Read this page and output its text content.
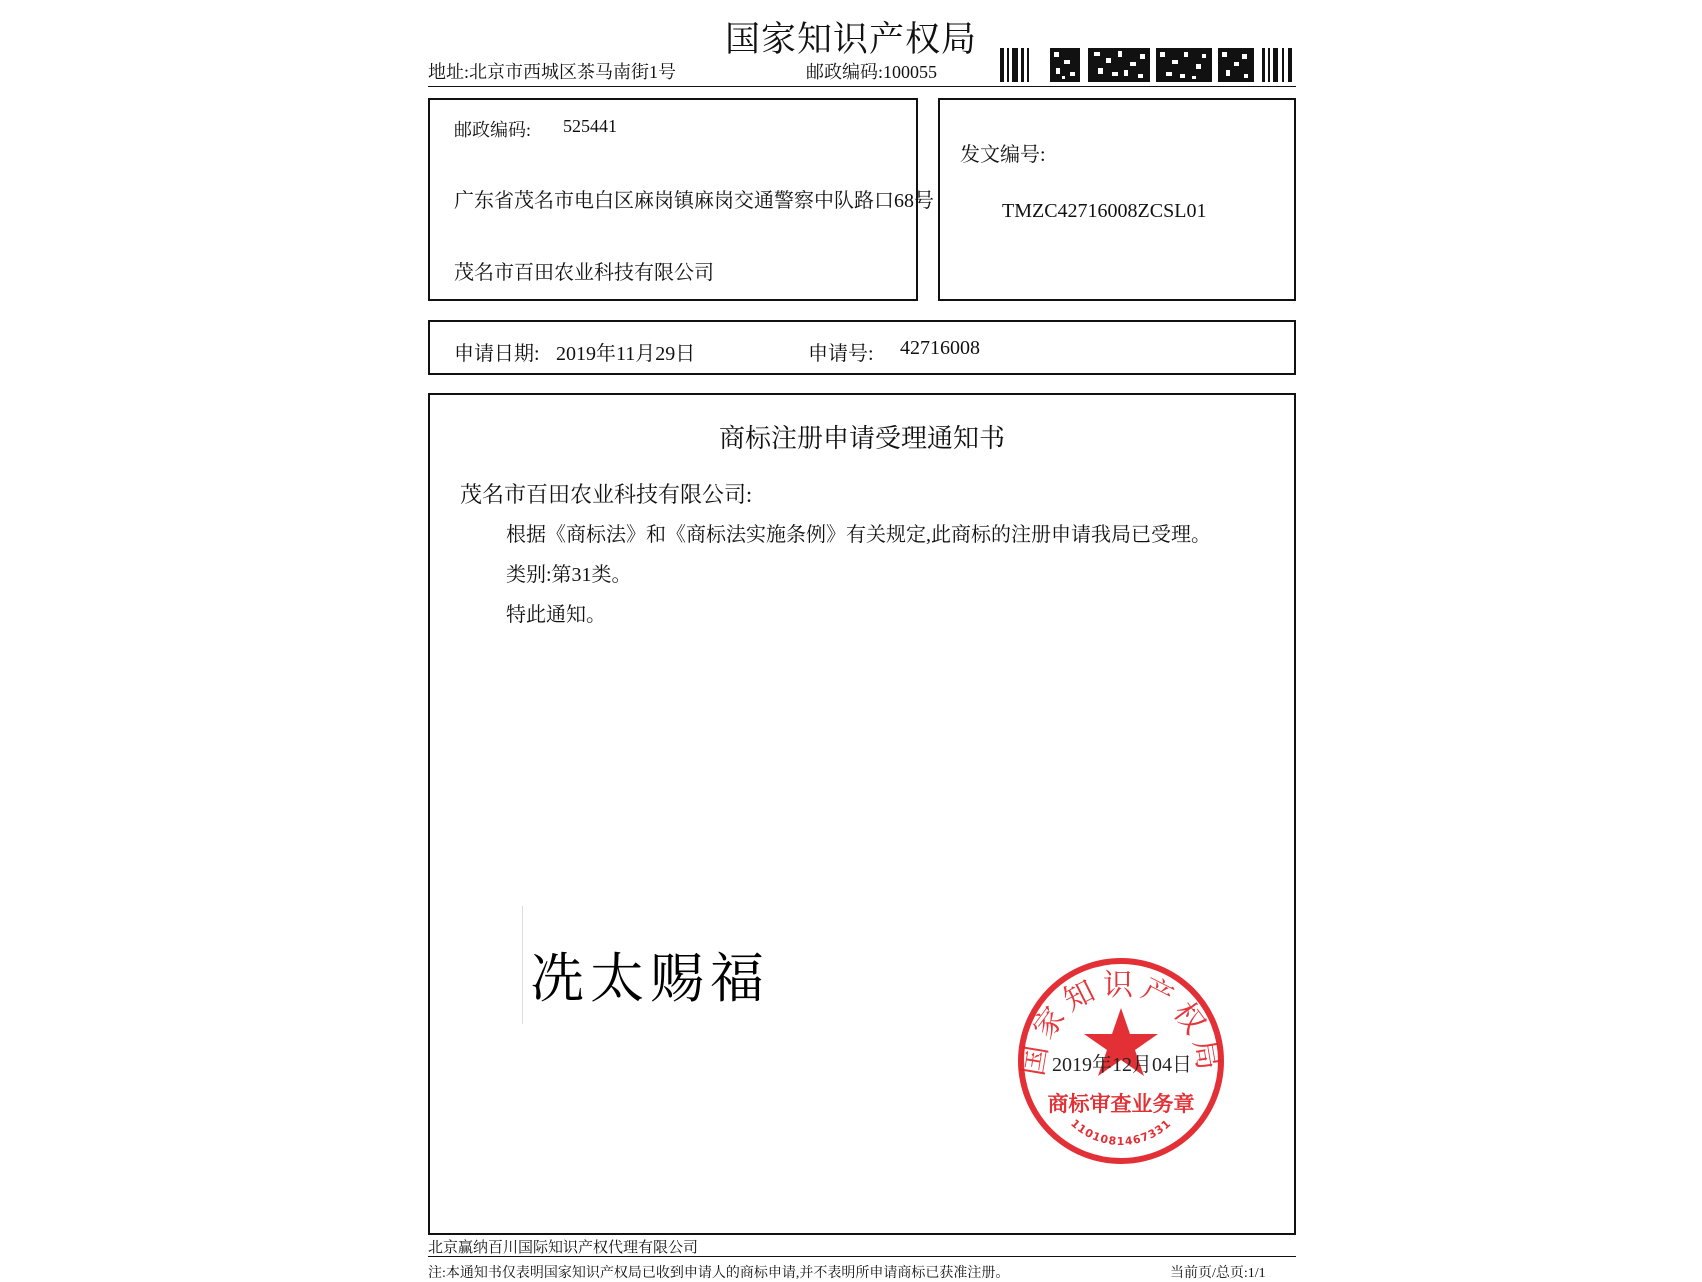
国家知识产权局
地址:北京市西城区茶马南街1号	邮政编码:100055
邮政编码: 525441
广东省茂名市电白区麻岗镇麻岗交通警察中队路口68号
茂名市百田农业科技有限公司
发文编号:
TMZC42716008ZCSL01
申请日期: 2019年11月29日	申请号: 42716008
商标注册申请受理通知书
茂名市百田农业科技有限公司:
根据《商标法》和《商标法实施条例》有关规定,此商标的注册申请我局已受理。
类别:第31类。
特此通知。
冼太赐福
国家知识产权局
商标审查业务章
1101081467331
2019年12月04日
北京赢纳百川国际知识产权代理有限公司
注:本通知书仅表明国家知识产权局已收到申请人的商标申请,并不表明所申请商标已获准注册。	当前页/总页:1/1
